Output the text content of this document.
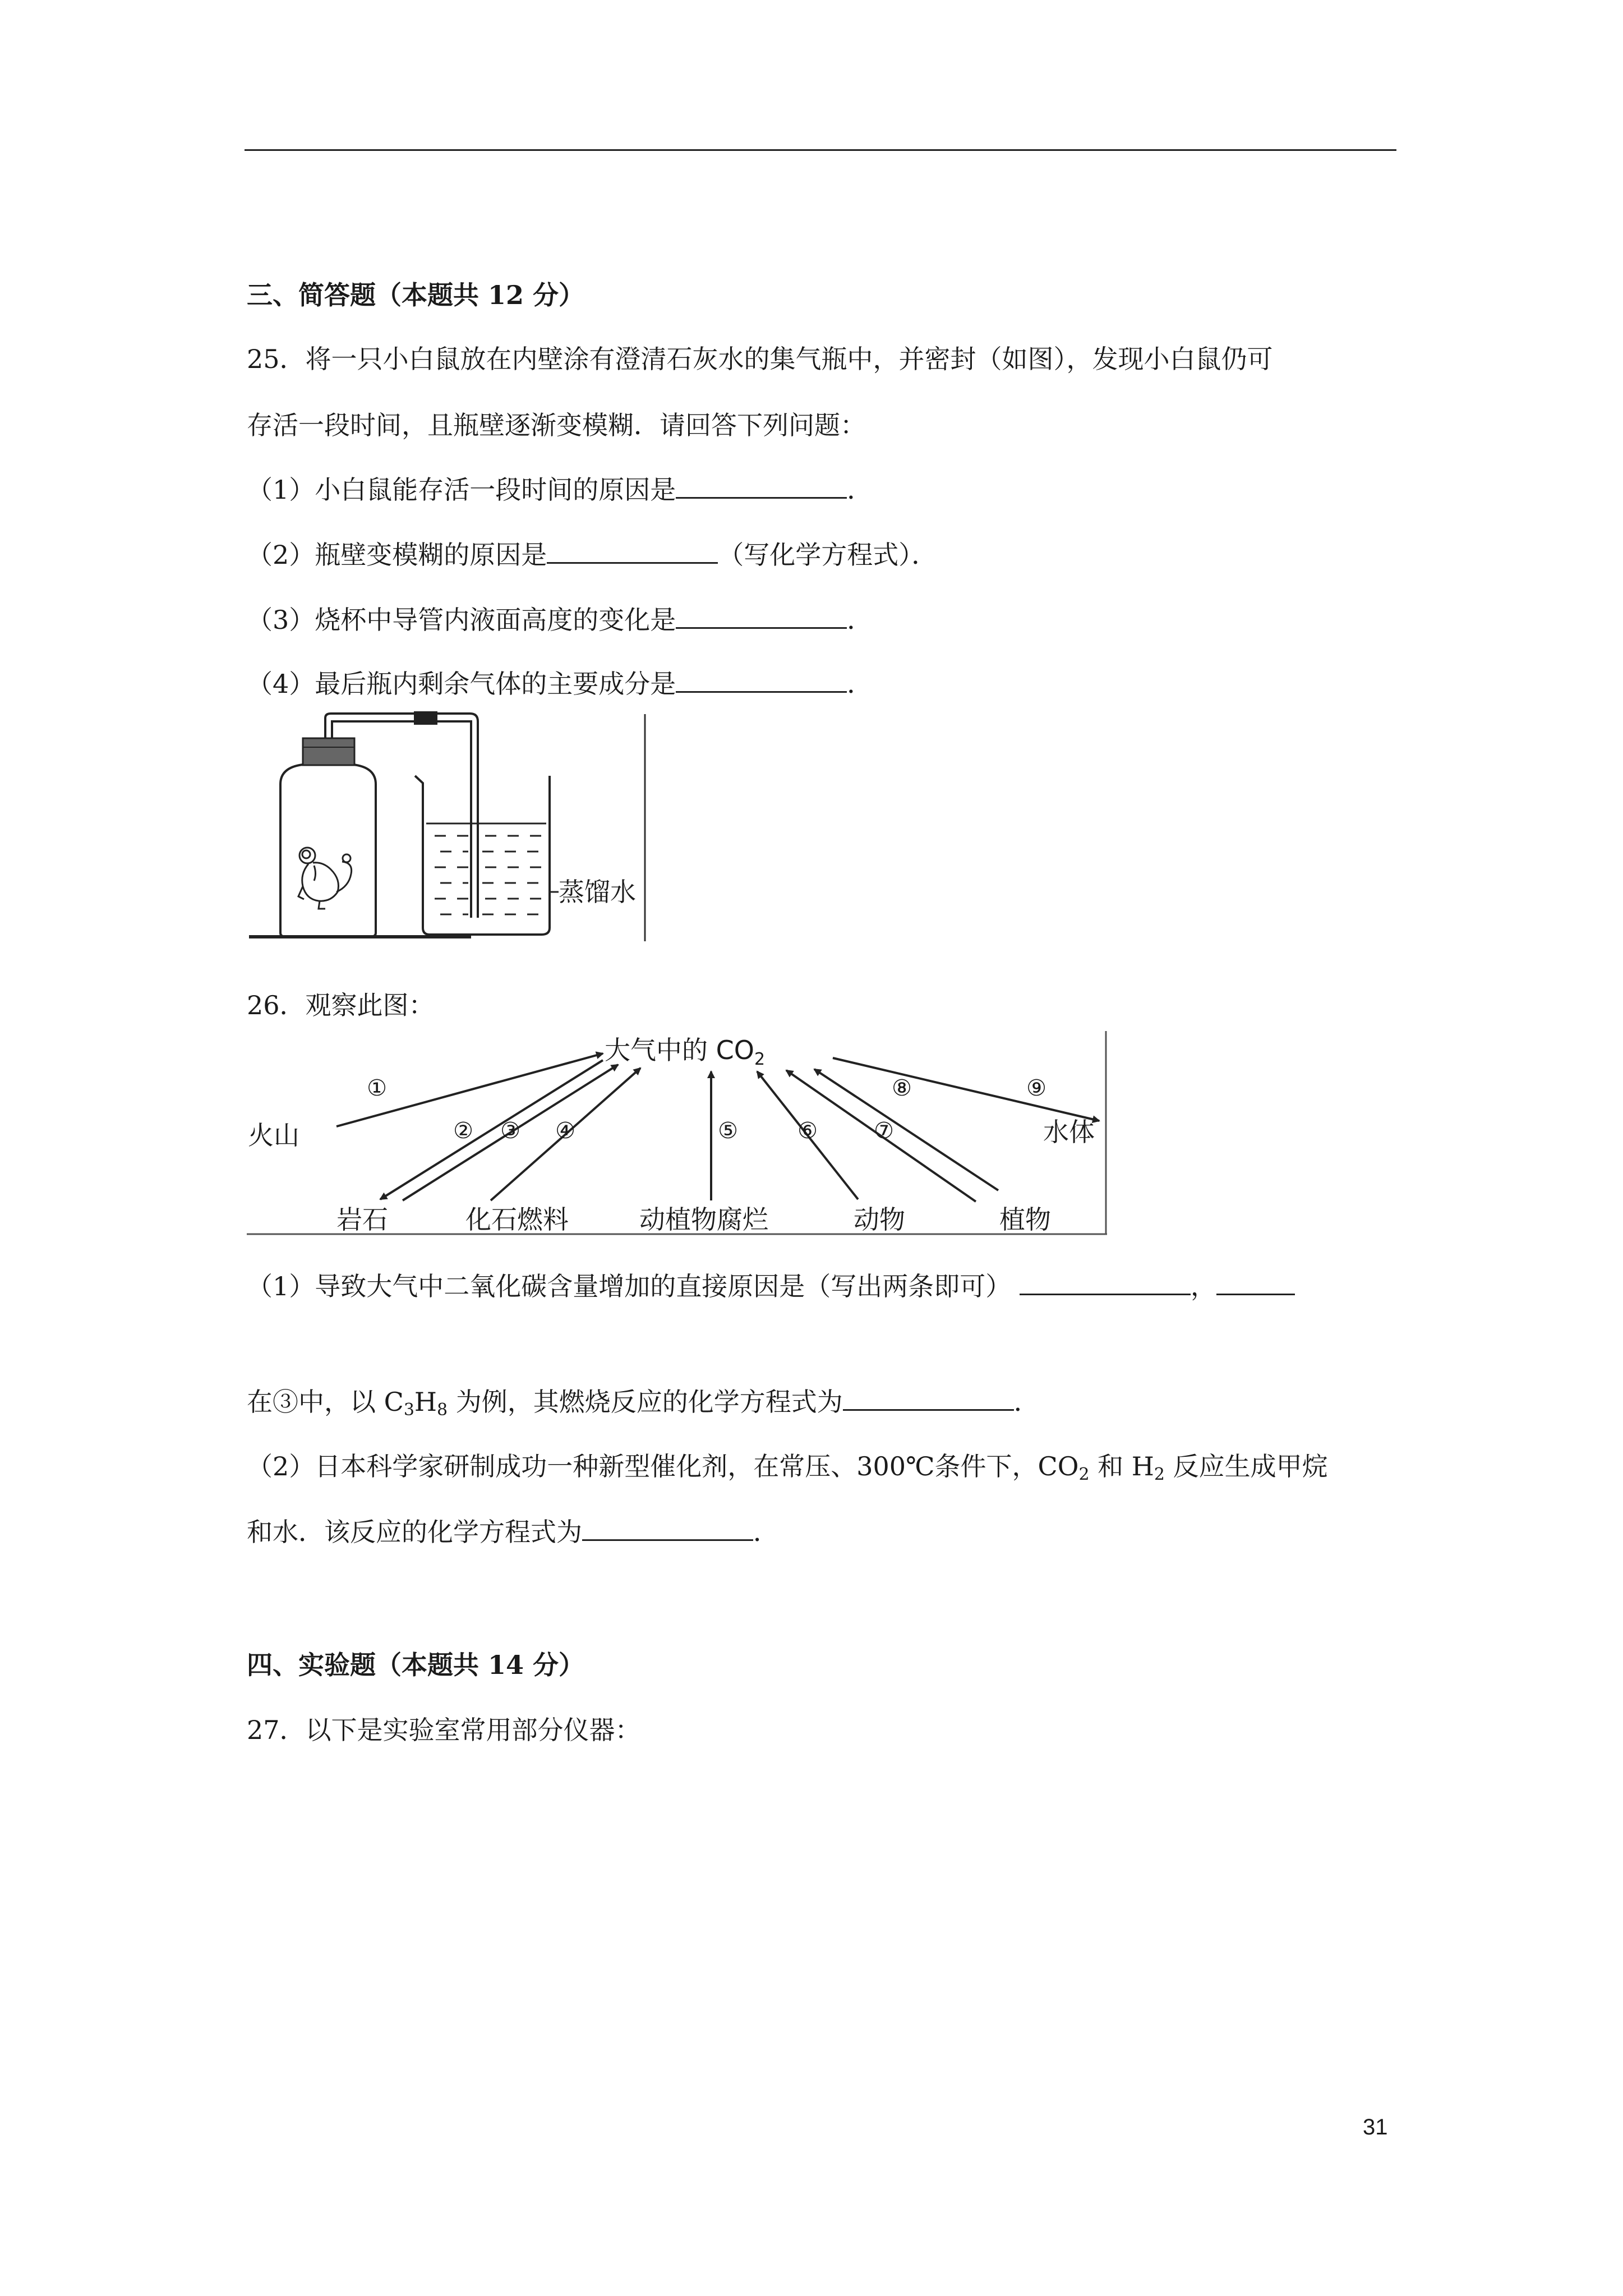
三、简答题（本题共 12 分）
25．将一只小白鼠放在内壁涂有澄清石灰水的集气瓶中，并密封（如图），发现小白鼠仍可
存活一段时间，且瓶壁逐渐变模糊．请回答下列问题：
（1）小白鼠能存活一段时间的原因是	．
（2）瓶壁变模糊的原因是	（写化学方程式）．
（3）烧杯中导管内液面高度的变化是	．
（4）最后瓶内剩余气体的主要成分是	．
蒸馏水
26．观察此图：
大气中的 $CO_2$
火山	水体
岩石	化石燃料	动植物腐烂	动物	植物
①
② ③ ④	⑤	⑥	⑦
⑧	⑨
（1）导致大气中二氧化碳含量增加的直接原因是（写出两条即可）	，
在③中，以 $C_3H_8$ 为例，其燃烧反应的化学方程式为	．
（2）日本科学家研制成功一种新型催化剂，在常压、300℃条件下，$CO_2$ 和 $H_2$ 反应生成甲烷
和水．该反应的化学方程式为	．
四、实验题（本题共 14 分）
27．以下是实验室常用部分仪器：
31
